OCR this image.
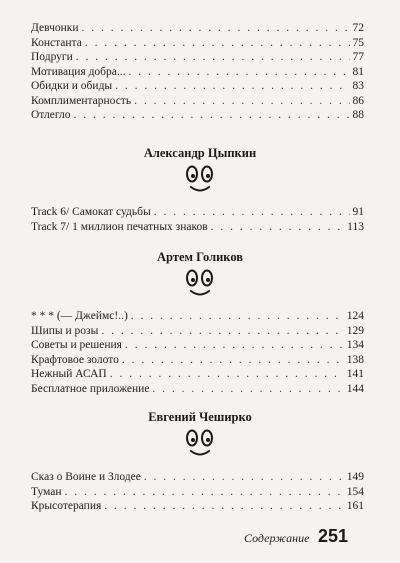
Девчонки . . .	72
Константа . . .	75
Подруги . . .	77
Мотивация добра... . . .	81
Обидки и обиды . . .	83
Комплиментарность . . .	86
Отлегло . . .	88
Александр Цыпкин
Track 6/ Самокат судьбы . . .	91
Track 7/ 1 миллион печатных знаков . . .	113
Артем Голиков
* * * (— Джеймс!..) . . .	124
Шипы и розы . . .	129
Советы и решения . . .	134
Крафтовое золото . . .	138
Нежный АСАП . . .	141
Бесплатное приложение . . .	144
Евгений Чеширко
Сказ о Воине и Злодее . . .	149
Туман . . .	154
Крысотерапия . . .	161
Содержание 251
